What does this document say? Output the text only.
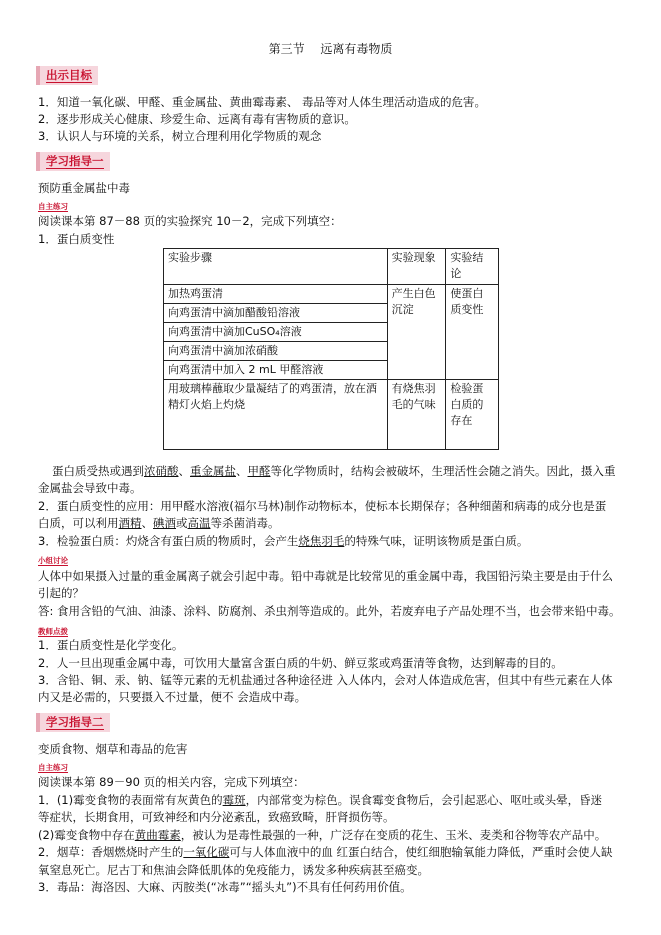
第三节　 远离有毒物质
出示目标
1．知道一氧化碳、甲醛、重金属盐、黄曲霉毒素、 毒品等对人体生理活动造成的危害。
2．逐步形成关心健康、珍爱生命、远离有毒有害物质的意识。
3．认识人与环境的关系，树立合理利用化学物质的观念
学习指导一
预防重金属盐中毒
自主练习
阅读课本第 87－88 页的实验探究 10－2，完成下列填空：
1．蛋白质变性
实验步骤	实验现象	实验结论
加热鸡蛋清	产生白色沉淀	使蛋白质变性
向鸡蛋清中滴加醋酸铅溶液		
向鸡蛋清中滴加CuSO₄溶液		
向鸡蛋清中滴加浓硝酸		
向鸡蛋清中加入 2 mL 甲醛溶液		
用玻璃棒蘸取少量凝结了的鸡蛋清，放在酒精灯火焰上灼烧	有烧焦羽毛的气味	检验蛋白质的存在
蛋白质受热或遇到浓硝酸、重金属盐、甲醛等化学物质时，结构会被破坏，生理活性会随之消失。因此，摄入重
金属盐会导致中毒。
2．蛋白质变性的应用：用甲醛水溶液(福尔马林)制作动物标本，使标本长期保存；各种细菌和病毒的成分也是蛋
白质，可以利用酒精、碘酒或高温等杀菌消毒。
3．检验蛋白质：灼烧含有蛋白质的物质时，会产生烧焦羽毛的特殊气味，证明该物质是蛋白质。
小组讨论
人体中如果摄入过量的重金属离子就会引起中毒。铅中毒就是比较常见的重金属中毒，我国铅污染主要是由于什么
引起的？
答: 食用含铅的气油、油漆、涂料、防腐剂、杀虫剂等造成的。此外，若废弃电子产品处理不当，也会带来铅中毒。
教师点拨
1．蛋白质变性是化学变化。
2．人一旦出现重金属中毒，可饮用大量富含蛋白质的牛奶、鲜豆浆或鸡蛋清等食物，达到解毒的目的。
3．含铅、铜、汞、钠、锰等元素的无机盐通过各种途径进 入人体内，会对人体造成危害，但其中有些元素在人体
内又是必需的，只要摄入不过量，便不 会造成中毒。
学习指导二
变质食物、烟草和毒品的危害
自主练习
阅读课本第 89－90 页的相关内容，完成下列填空：
1．(1)霉变食物的表面常有灰黄色的霉斑，内部常变为棕色。误食霉变食物后，会引起恶心、呕吐或头晕，昏迷
等症状，长期食用，可致神经和内分泌紊乱，致癌致畸，肝肾损伤等。
(2)霉变食物中存在黄曲霉素，被认为是毒性最强的一种，广泛存在变质的花生、玉米、麦类和谷物等农产品中。
2．烟草：香烟燃烧时产生的一氧化碳可与人体血液中的血 红蛋白结合，使红细胞输氧能力降低，严重时会使人缺
氧窒息死亡。尼古丁和焦油会降低肌体的免疫能力，诱发多种疾病甚至癌变。
3．毒品：海洛因、大麻、丙胺类(“冰毒”“摇头丸”)不具有任何药用价值。
